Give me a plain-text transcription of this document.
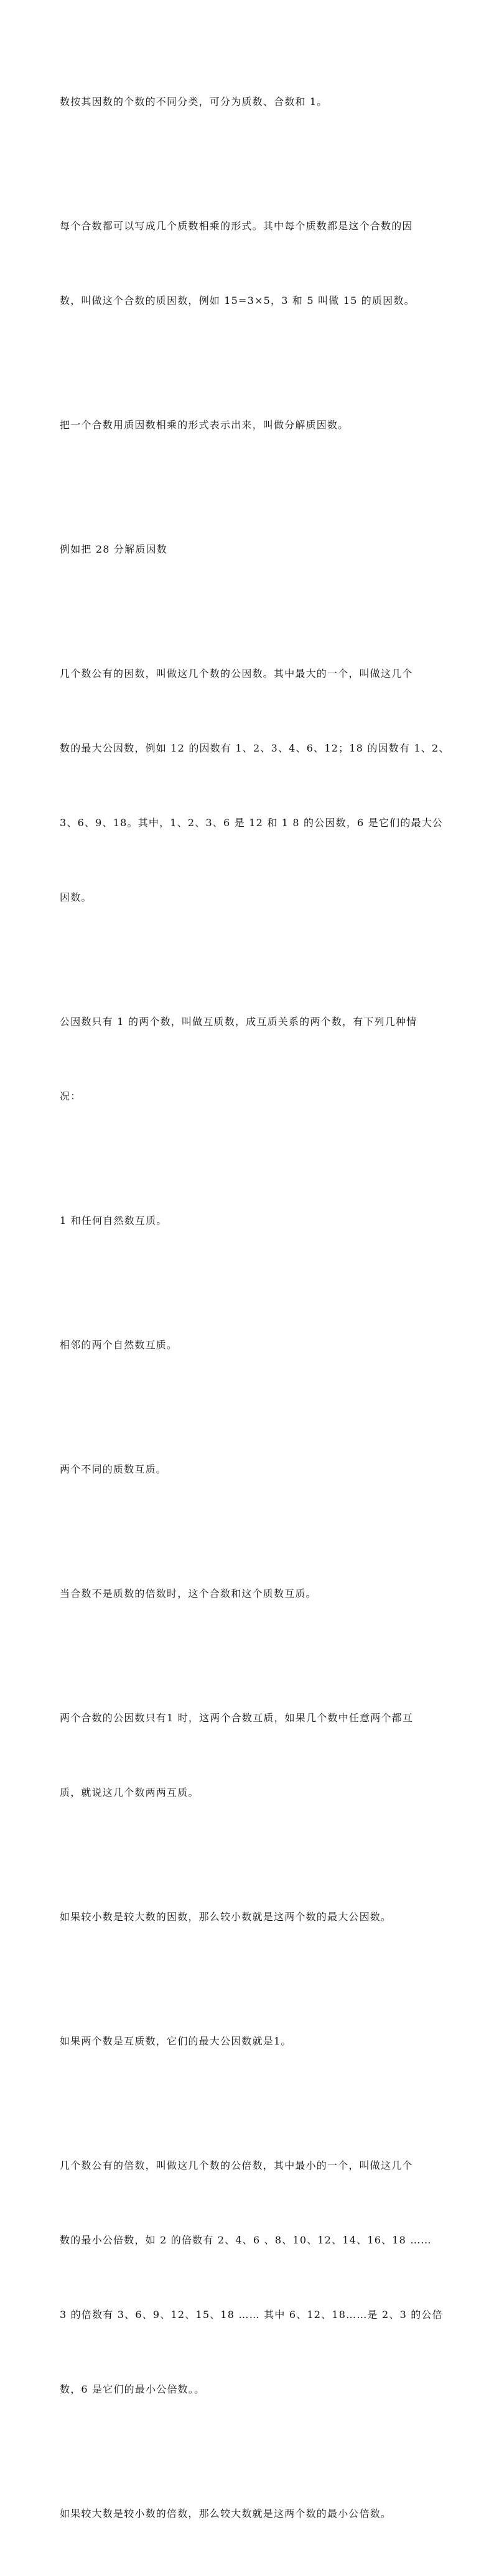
数按其因数的个数的不同分类，可分为质数、合数和 1。

每个合数都可以写成几个质数相乘的形式。其中每个质数都是这个合数的因

数，叫做这个合数的质因数，例如 15=3×5，3 和 5 叫做 15 的质因数。

把一个合数用质因数相乘的形式表示出来，叫做分解质因数。

例如把 28 分解质因数

几个数公有的因数，叫做这几个数的公因数。其中最大的一个，叫做这几个

数的最大公因数，例如 12 的因数有 1、2、3、4、6、12；18 的因数有 1、2、

3、6、9、18。其中，1、2、3、6 是 12 和 1 8 的公因数，6 是它们的最大公

因数。

公因数只有 1 的两个数，叫做互质数，成互质关系的两个数，有下列几种情

况：

1 和任何自然数互质。

相邻的两个自然数互质。

两个不同的质数互质。

当合数不是质数的倍数时，这个合数和这个质数互质。

两个合数的公因数只有1 时，这两个合数互质，如果几个数中任意两个都互

质，就说这几个数两两互质。

如果较小数是较大数的因数，那么较小数就是这两个数的最大公因数。

如果两个数是互质数，它们的最大公因数就是1。

几个数公有的倍数，叫做这几个数的公倍数，其中最小的一个，叫做这几个

数的最小公倍数，如 2 的倍数有 2、4、6 、8、10、12、14、16、18 ……

3 的倍数有 3、6、9、12、15、18 …… 其中 6、12、18……是 2、3 的公倍

数，6 是它们的最小公倍数。。

如果较大数是较小数的倍数，那么较大数就是这两个数的最小公倍数。
